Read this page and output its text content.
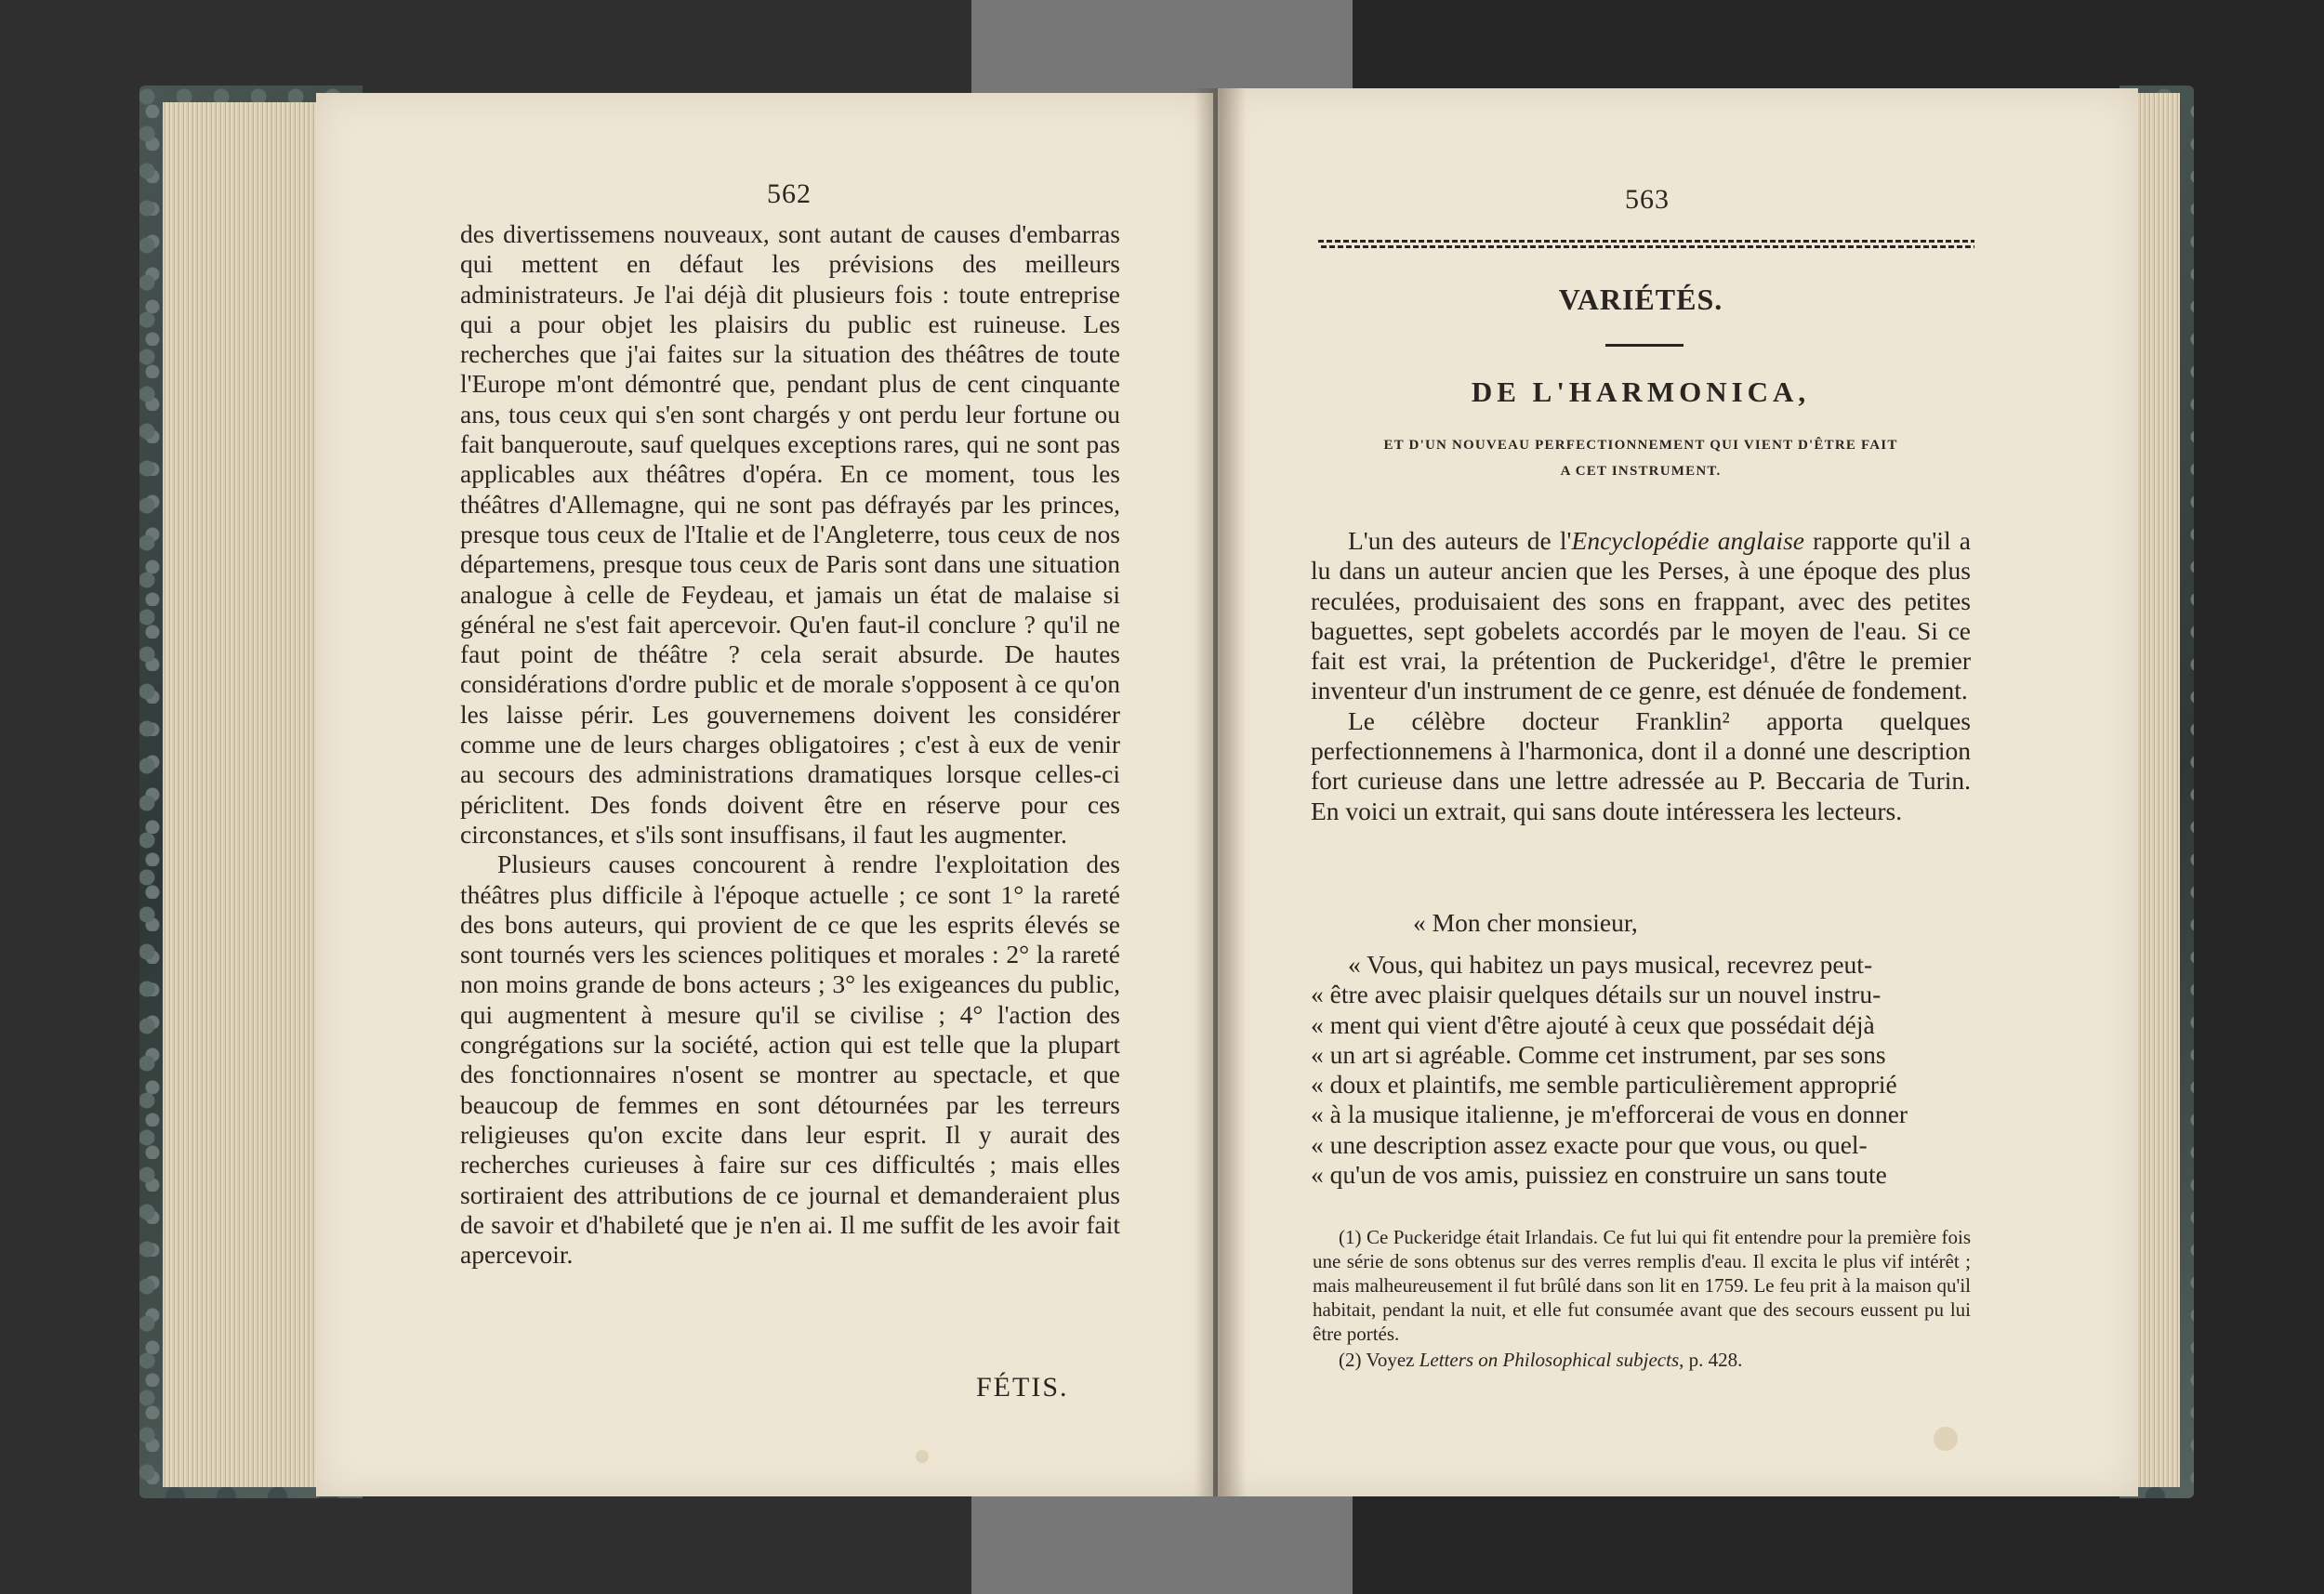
562

des divertissemens nouveaux, sont autant de causes d'embarras qui mettent en défaut les prévisions des meilleurs administrateurs. Je l'ai déjà dit plusieurs fois : toute entreprise qui a pour objet les plaisirs du public est ruineuse. Les recherches que j'ai faites sur la situation des théâtres de toute l'Europe m'ont démontré que, pendant plus de cent cinquante ans, tous ceux qui s'en sont chargés y ont perdu leur fortune ou fait banqueroute, sauf quelques exceptions rares, qui ne sont pas applicables aux théâtres d'opéra. En ce moment, tous les théâtres d'Allemagne, qui ne sont pas défrayés par les princes, presque tous ceux de l'Italie et de l'Angleterre, tous ceux de nos départemens, presque tous ceux de Paris sont dans une situation analogue à celle de Feydeau, et jamais un état de malaise si général ne s'est fait apercevoir. Qu'en faut-il conclure ? qu'il ne faut point de théâtre ? cela serait absurde. De hautes considérations d'ordre public et de morale s'opposent à ce qu'on les laisse périr. Les gouvernemens doivent les considérer comme une de leurs charges obligatoires ; c'est à eux de venir au secours des administrations dramatiques lorsque celles-ci périclitent. Des fonds doivent être en réserve pour ces circonstances, et s'ils sont insuffisans, il faut les augmenter.

Plusieurs causes concourent à rendre l'exploitation des théâtres plus difficile à l'époque actuelle ; ce sont 1° la rareté des bons auteurs, qui provient de ce que les esprits élevés se sont tournés vers les sciences politiques et morales : 2° la rareté non moins grande de bons acteurs ; 3° les exigeances du public, qui augmentent à mesure qu'il se civilise ; 4° l'action des congrégations sur la société, action qui est telle que la plupart des fonctionnaires n'osent se montrer au spectacle, et que beaucoup de femmes en sont détournées par les terreurs religieuses qu'on excite dans leur esprit. Il y aurait des recherches curieuses à faire sur ces difficultés ; mais elles sortiraient des attributions de ce journal et demanderaient plus de savoir et d'habileté que je n'en ai. Il me suffit de les avoir fait apercevoir.

FÉTIS.
563
VARIÉTÉS.
DE L'HARMONICA,
ET D'UN NOUVEAU PERFECTIONNEMENT QUI VIENT D'ÊTRE FAIT
A CET INSTRUMENT.

L'un des auteurs de l'Encyclopédie anglaise rapporte qu'il a lu dans un auteur ancien que les Perses, à une époque des plus reculées, produisaient des sons en frappant, avec des petites baguettes, sept gobelets accordés par le moyen de l'eau. Si ce fait est vrai, la prétention de Puckeridge¹, d'être le premier inventeur d'un instrument de ce genre, est dénuée de fondement.

Le célèbre docteur Franklin² apporta quelques perfectionnemens à l'harmonica, dont il a donné une description fort curieuse dans une lettre adressée au P. Beccaria de Turin. En voici un extrait, qui sans doute intéressera les lecteurs.

« Mon cher monsieur,

« Vous, qui habitez un pays musical, recevrez peut-

« être avec plaisir quelques détails sur un nouvel instru-

« ment qui vient d'être ajouté à ceux que possédait déjà

« un art si agréable. Comme cet instrument, par ses sons

« doux et plaintifs, me semble particulièrement approprié

« à la musique italienne, je m'efforcerai de vous en donner

« une description assez exacte pour que vous, ou quel-

« qu'un de vos amis, puissiez en construire un sans toute

(1) Ce Puckeridge était Irlandais. Ce fut lui qui fit entendre pour la première fois une série de sons obtenus sur des verres remplis d'eau. Il excita le plus vif intérêt ; mais malheureusement il fut brûlé dans son lit en 1759. Le feu prit à la maison qu'il habitait, pendant la nuit, et elle fut consumée avant que des secours eussent pu lui être portés.

(2) Voyez Letters on Philosophical subjects, p. 428.
